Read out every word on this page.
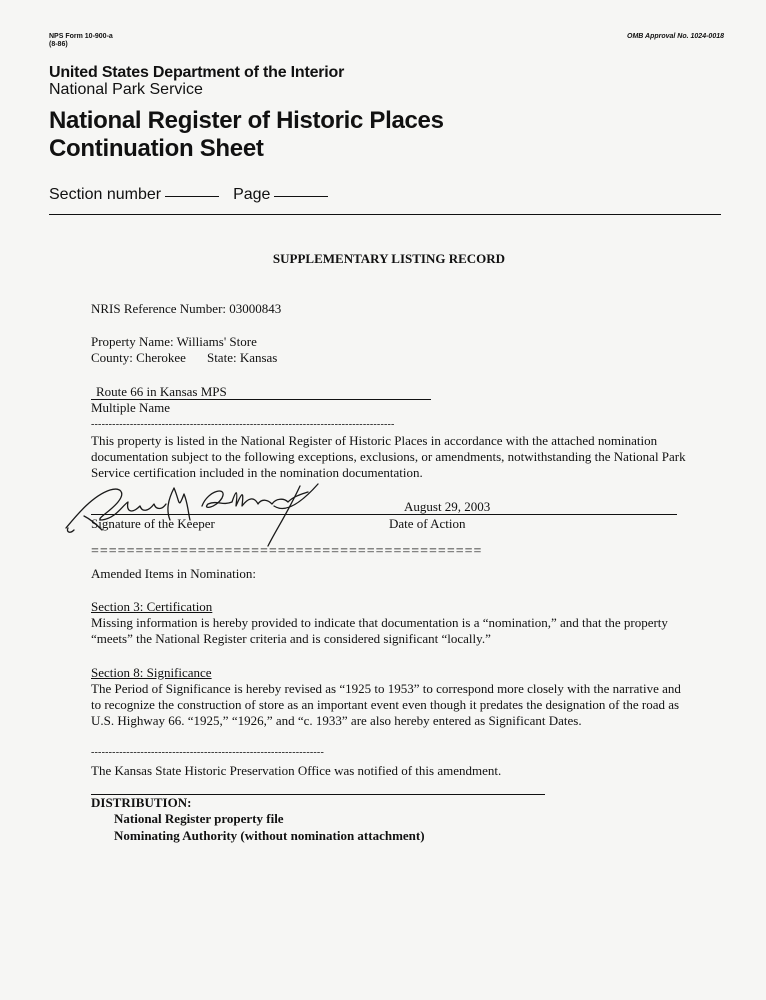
NPS Form 10-900-a
(8-86)
OMB Approval No. 1024-0018
United States Department of the Interior
National Park Service
National Register of Historic Places
Continuation Sheet
Section number	Page
SUPPLEMENTARY LISTING RECORD
NRIS Reference Number: 03000843
Property Name: Williams' Store
County: Cherokee State: Kansas
Route 66 in Kansas MPS
Multiple Name
--------------------------------------------------------------------------------------
This property is listed in the National Register of Historic Places in accordance with the attached nomination documentation subject to the following exceptions, exclusions, or amendments, notwithstanding the National Park Service certification included in the nomination documentation.
August 29, 2003
Signature of the Keeper	Date of Action
============================================
Amended Items in Nomination:
Section 3: Certification
Missing information is hereby provided to indicate that documentation is a “nomination,” and that the property “meets” the National Register criteria and is considered significant “locally.”
Section 8: Significance
The Period of Significance is hereby revised as “1925 to 1953” to correspond more closely with the narrative and to recognize the construction of store as an important event even though it predates the designation of the road as U.S. Highway 66. “1925,” “1926,” and “c. 1933” are also hereby entered as Significant Dates.
------------------------------------------------------------------
The Kansas State Historic Preservation Office was notified of this amendment.
DISTRIBUTION:
National Register property file
Nominating Authority (without nomination attachment)
